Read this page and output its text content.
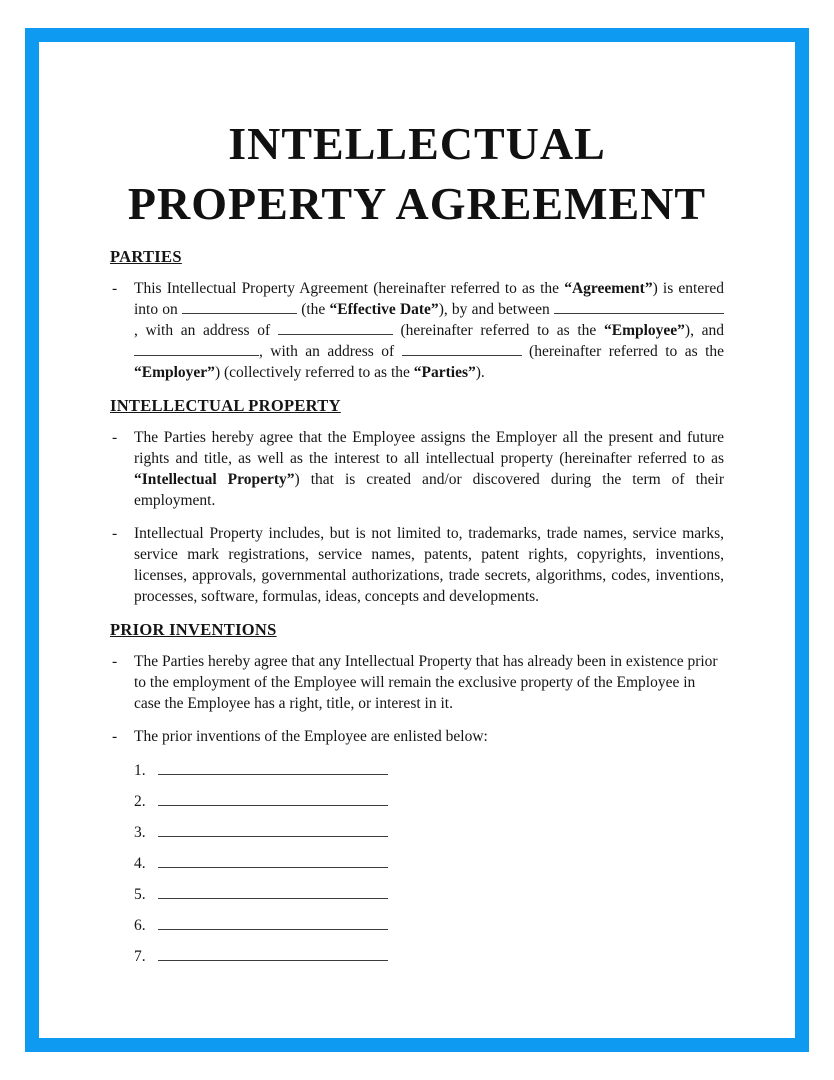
INTELLECTUAL
PROPERTY AGREEMENT
PARTIES
- This Intellectual Property Agreement (hereinafter referred to as the “Agreement”) is entered into on	(the “Effective Date”), by and between , with an address of	(hereinafter referred to as the “Employee”), and , with an address of	(hereinafter referred to as the “Employer”) (collectively referred to as the “Parties”).
INTELLECTUAL PROPERTY
- The Parties hereby agree that the Employee assigns the Employer all the present and future rights and title, as well as the interest to all intellectual property (hereinafter referred to as “Intellectual Property”) that is created and/or discovered during the term of their employment.
- Intellectual Property includes, but is not limited to, trademarks, trade names, service marks, service mark registrations, service names, patents, patent rights, copyrights, inventions, licenses, approvals, governmental authorizations, trade secrets, algorithms, codes, inventions, processes, software, formulas, ideas, concepts and developments.
PRIOR INVENTIONS
- The Parties hereby agree that any Intellectual Property that has already been in existence prior to the employment of the Employee will remain the exclusive property of the Employee in case the Employee has a right, title, or interest in it.
- The prior inventions of the Employee are enlisted below:
1.
2.
3.
4.
5.
6.
7.
